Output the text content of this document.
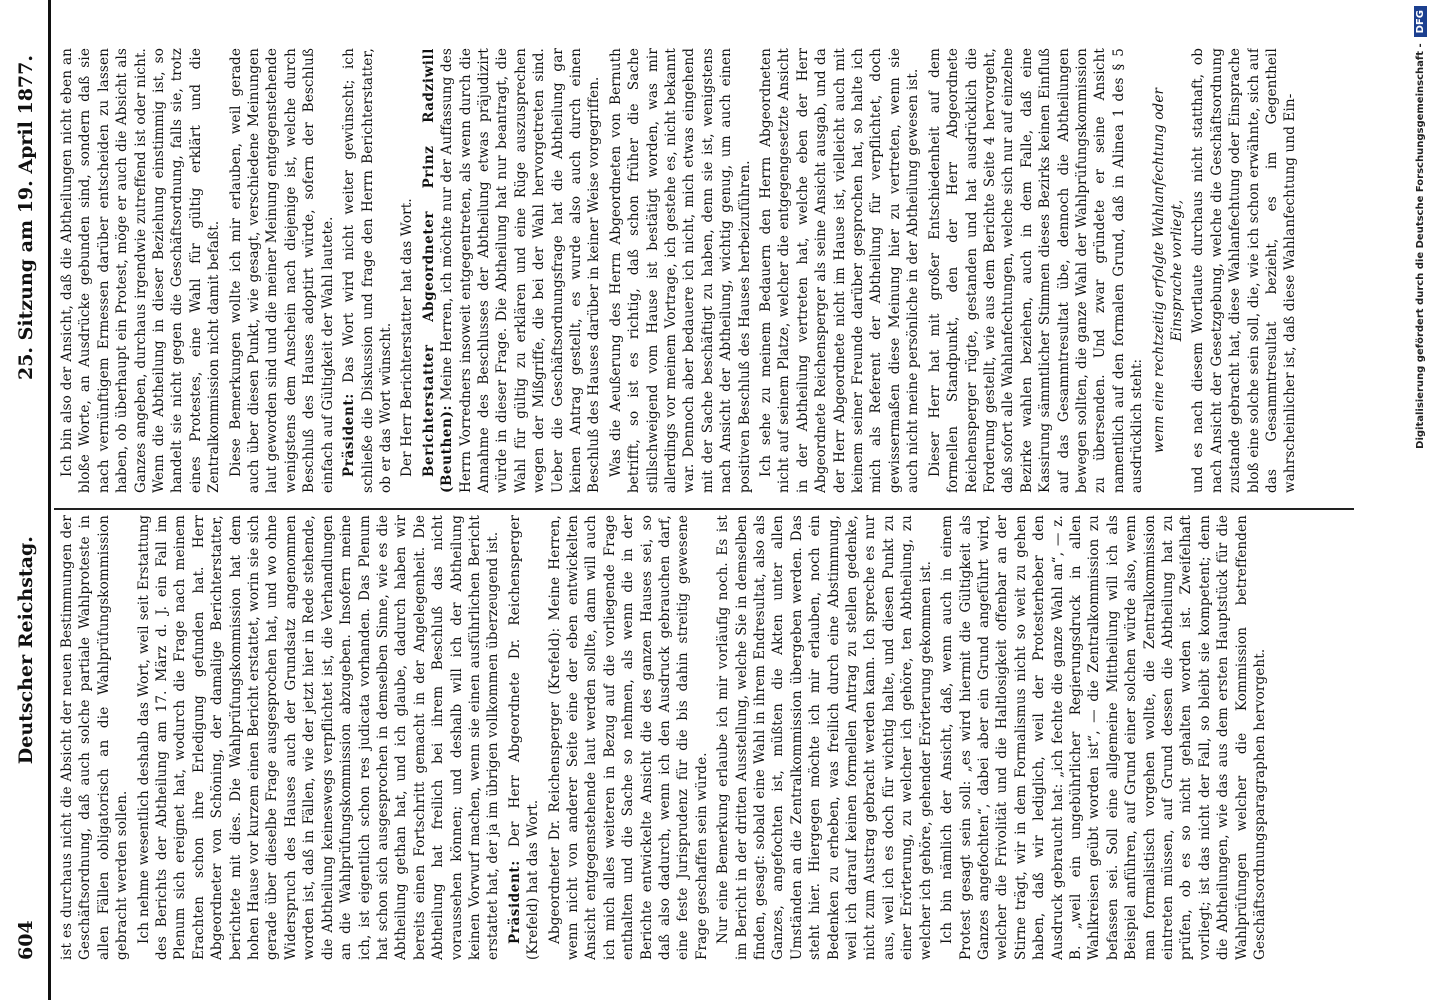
604
Deutscher Reichstag.
25. Sitzung am 19. April 1877.

ist es durchaus nicht die Absicht der neuen Bestimmungen der Geschäftsordnung, daß auch solche partiale Wahlproteste in allen Fällen obligatorisch an die Wahlprüfungskommission gebracht werden sollen. Ich nehme wesentlich deshalb das Wort, weil seit Erstattung des Berichts der Abtheilung am 17. März d. J. ein Fall im Plenum sich ereignet hat, wodurch die Frage nach meinem Erachten schon ihre Erledigung gefunden hat. Herr Abgeordneter von Schöning, der damalige Berichterstatter, berichtete mit dies. Die Wahlprüfungskommission hat dem hohen Hause vor kurzem einen Bericht erstattet, worin sie sich gerade über dieselbe Frage ausgesprochen hat, und wo ohne Widerspruch des Hauses auch der Grundsatz angenommen worden ist, daß in Fällen, wie der jetzt hier in Rede stehende, die Abtheilung keineswegs verpflichtet ist, die Verhandlungen an die Wahlprüfungskommission abzugeben. Insofern meine ich, ist eigentlich schon res judicata vorhanden. Das Plenum hat schon sich ausgesprochen in demselben Sinne, wie es die Abtheilung gethan hat, und ich glaube, dadurch haben wir bereits einen Fortschritt gemacht in der Angelegenheit. Die Abtheilung hat freilich bei ihrem Beschluß das nicht voraussehen können; und deshalb will ich der Abtheilung keinen Vorwurf machen, wenn sie einen ausführlichen Bericht erstattet hat, der ja im übrigen vollkommen überzeugend ist. Präsident: Der Herr Abgeordnete Dr. Reichensperger (Krefeld) hat das Wort. Abgeordneter Dr. Reichensperger (Krefeld): Meine Herren, wenn nicht von anderer Seite eine der eben entwickelten Ansicht entgegenstehende laut werden sollte, dann will auch ich mich alles weiteren in Bezug auf die vorliegende Frage enthalten und die Sache so nehmen, als wenn die in der Berichte entwickelte Ansicht die des ganzen Hauses sei, so daß also dadurch, wenn ich den Ausdruck gebrauchen darf, eine feste Jurisprudenz für die bis dahin streitig gewesene Frage geschaffen sein würde. Nur eine Bemerkung erlaube ich mir vorläufig noch. Es ist im Bericht in der dritten Ausstellung, welche Sie in demselben finden, gesagt: sobald eine Wahl in ihrem Endresultat, also als Ganzes, angefochten ist, müßten die Akten unter allen Umständen an die Zentralkommission übergeben werden. Das steht hier. Hiergegen möchte ich mir erlauben, noch ein Bedenken zu erheben, was freilich durch eine Abstimmung, weil ich darauf keinen formellen Antrag zu stellen gedenke, nicht zum Austrag gebracht werden kann. Ich spreche es nur aus, weil ich es doch für wichtig halte, und diesen Punkt zu einer Erörterung, zu welcher ich gehöre, ten Abtheilung, zu welcher ich gehöre, gehender Erörterung gekommen ist. Ich bin nämlich der Ansicht, daß, wenn auch in einem Protest gesagt sein soll: „es wird hiermit die Gültigkeit als Ganzes angefochten“, dabei aber ein Grund angeführt wird, welcher die Frivolität und die Haltlosigkeit offenbar an der Stirne trägt, wir in dem Formalismus nicht so weit zu gehen haben, daß wir lediglich, weil der Protesterheber den Ausdruck gebraucht hat: „ich fechte die ganze Wahl an“, — z. B. „weil ein ungebührlicher Regierungsdruck in allen Wahlkreisen geübt worden ist“, — die Zentralkommission zu befassen sei. Soll eine allgemeine Mittheilung will ich als Beispiel anführen, auf Grund einer solchen würde also, wenn man formalistisch vorgehen wollte, die Zentralkommission eintreten müssen, auf Grund dessen die Abtheilung hat zu prüfen, ob es so nicht gehalten worden ist. Zweifelhaft vorliegt; ist das nicht der Fall, so bleibt sie kompetent; denn die Abtheilungen, wie das aus dem ersten Hauptstück für die Wahlprüfungen welcher die Kommission betreffenden Geschäftsordnungsparagraphen hervorgeht.

Ich bin also der Ansicht, daß die Abtheilungen nicht eben an bloße Worte, an Ausdrücke gebunden sind, sondern daß sie nach vernünftigem Ermessen darüber entscheiden zu lassen haben, ob überhaupt ein Protest, möge er auch die Absicht als Ganzes angeben, durchaus irgendwie zutreffend ist oder nicht. Wenn die Abtheilung in dieser Beziehung einstimmig ist, so handelt sie nicht gegen die Geschäftsordnung, falls sie, trotz eines Protestes, eine Wahl für gültig erklärt und die Zentralkommission nicht damit befaßt. Diese Bemerkungen wollte ich mir erlauben, weil gerade auch über diesen Punkt, wie gesagt, verschiedene Meinungen laut geworden sind und die meiner Meinung entgegenstehende wenigstens dem Anschein nach diejenige ist, welche durch Beschluß des Hauses adoptirt würde, sofern der Beschluß einfach auf Gültigkeit der Wahl lautete. Präsident: Das Wort wird nicht weiter gewünscht; ich schließe die Diskussion und frage den Herrn Berichterstatter, ob er das Wort wünscht. Der Herr Berichterstatter hat das Wort. Berichterstatter Abgeordneter Prinz Radziwill (Beuthen): Meine Herren, ich möchte nur der Auffassung des Herrn Vorredners insoweit entgegentreten, als wenn durch die Annahme des Beschlusses der Abtheilung etwas präjudizirt würde in dieser Frage. Die Abtheilung hat nur beantragt, die Wahl für gültig zu erklären und eine Rüge auszusprechen wegen der Mißgriffe, die bei der Wahl hervorgetreten sind. Ueber die Geschäftsordnungsfrage hat die Abtheilung gar keinen Antrag gestellt, es wurde also auch durch einen Beschluß des Hauses darüber in keiner Weise vorgegriffen. Was die Aeußerung des Herrn Abgeordneten von Bernuth betrifft, so ist es richtig, daß schon früher die Sache stillschweigend vom Hause ist bestätigt worden, was mir allerdings vor meinem Vortrage, ich gestehe es, nicht bekannt war. Dennoch aber bedauere ich nicht, mich etwas eingehend mit der Sache beschäftigt zu haben, denn sie ist, wenigstens nach Ansicht der Abtheilung, wichtig genug, um auch einen positiven Beschluß des Hauses herbeizuführen. Ich sehe zu meinem Bedauern den Herrn Abgeordneten nicht auf seinem Platze, welcher die entgegengesetzte Ansicht in der Abtheilung vertreten hat, welche eben der Herr Abgeordnete Reichensperger als seine Ansicht ausgab, und da der Herr Abgeordnete nicht im Hause ist, vielleicht auch mit keinem seiner Freunde darüber gesprochen hat, so halte ich mich als Referent der Abtheilung für verpflichtet, doch gewissermaßen diese Meinung hier zu vertreten, wenn sie auch nicht meine persönliche in der Abtheilung gewesen ist. Dieser Herr hat mit großer Entschiedenheit auf dem formellen Standpunkt, den der Herr Abgeordnete Reichensperger rügte, gestanden und hat ausdrücklich die Forderung gestellt, wie aus dem Berichte Seite 4 hervorgeht, daß sofort alle Wahlanfechtungen, welche sich nur auf einzelne Bezirke wahlen beziehen, auch in dem Falle, daß eine Kassirung sämmtlicher Stimmen dieses Bezirks keinen Einfluß auf das Gesammtresultat übe, dennoch die Abtheilungen bewegen sollten, die ganze Wahl der Wahlprüfungskommission zu übersenden. Und zwar gründete er seine Ansicht namentlich auf den formalen Grund, daß in Alinea 1 des § 5 ausdrücklich steht: wenn eine rechtzeitig erfolgte Wahlanfechtung oder Einsprache vorliegt, und es nach diesem Wortlaute durchaus nicht statthaft, ob nach Ansicht der Gesetzgebung, welche die Geschäftsordnung zustande gebracht hat, diese Wahlanfechtung oder Einsprache bloß eine solche sein soll, die, wie ich schon erwähnte, sich auf das Gesammtresultat bezieht, es im Gegentheil wahrscheinlicher ist, daß diese Wahlanfechtung und Ein-	Digitalisierung gefördert durch die Deutsche Forschungsgemeinschaft -
DFG
